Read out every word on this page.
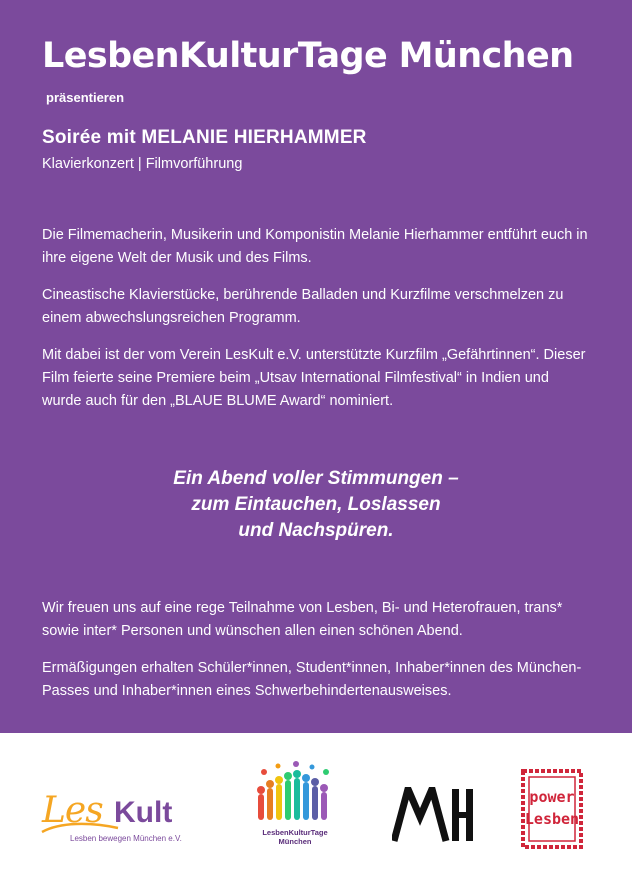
LesbenKulturTage München
präsentieren
Soirée mit MELANIE HIERHAMMER
Klavierkonzert | Filmvorführung

Die Filmemacherin, Musikerin und Komponistin Melanie Hierhammer entführt euch in ihre eigene Welt der Musik und des Films.

Cineastische Klavierstücke, berührende Balladen und Kurzfilme verschmelzen zu einem abwechslungsreichen Programm.

Mit dabei ist der vom Verein LesKult e.V. unterstützte Kurzfilm „Gefährtinnen“. Dieser Film feierte seine Premiere beim „Utsav International Filmfestival“ in Indien und wurde auch für den „BLAUE BLUME Award“ nominiert.

Ein Abend voller Stimmungen –
zum Eintauchen, Loslassen
und Nachspüren.

Wir freuen uns auf eine rege Teilnahme von Lesben, Bi- und Heterofrauen, trans* sowie inter* Personen und wünschen allen einen schönen Abend.

Ermäßigungen erhalten Schüler*innen, Student*innen, Inhaber*innen des München-Passes und Inhaber*innen eines Schwerbehindertenausweises.

Les Kult
Lesben bewegen München e.V.
LesbenKulturTage
München
power
Lesben
